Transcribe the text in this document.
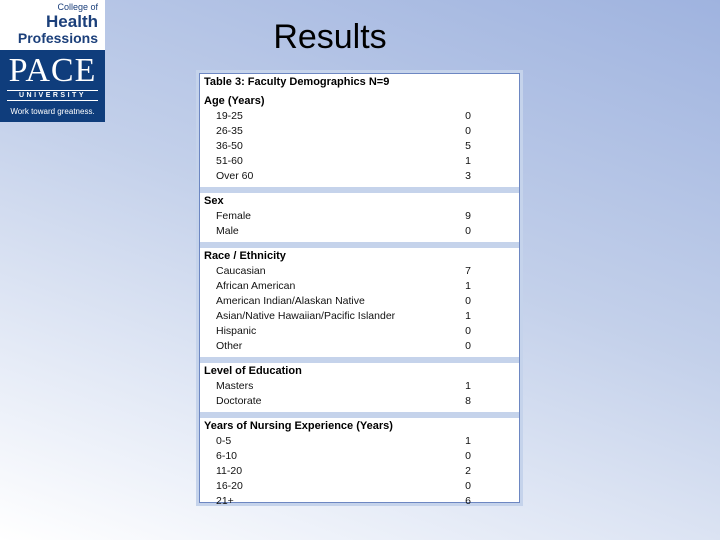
College of
Health
Professions
PACE
UNIVERSITY
Work toward greatness.
Results
Table 3: Faculty Demographics N=9
Age (Years)
19-25	0
26-35	0
36-50	5
51-60	1
Over 60	3
Sex
Female	9
Male	0
Race / Ethnicity
Caucasian	7
African American	1
American Indian/Alaskan Native	0
Asian/Native Hawaiian/Pacific Islander	1
Hispanic	0
Other	0
Level of Education
Masters	1
Doctorate	8
Years of Nursing Experience (Years)
0-5	1
6-10	0
11-20	2
16-20	0
21+	6
